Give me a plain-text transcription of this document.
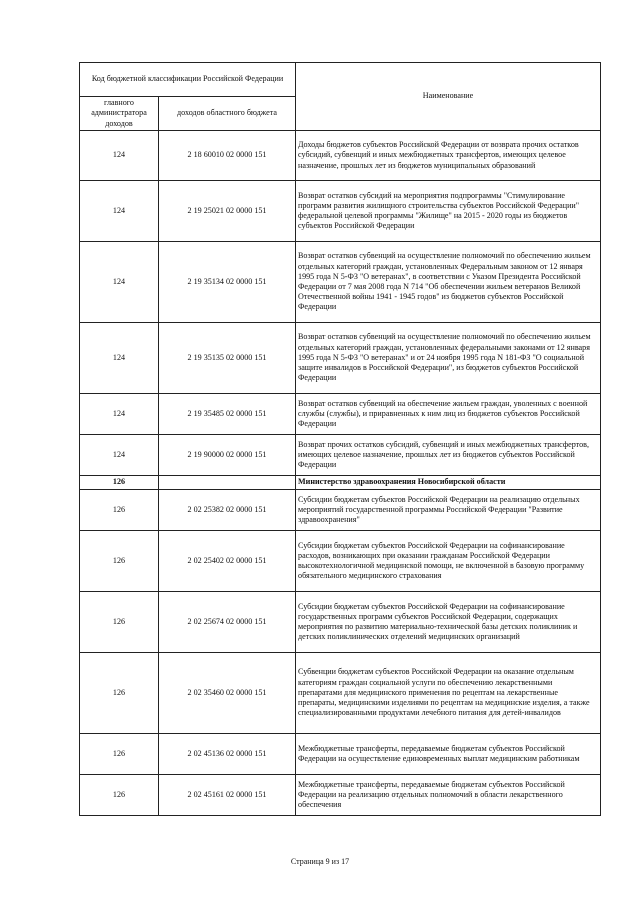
Код бюджетной классификации Российской Федерации		Наименование
главного администратора доходов	доходов областного бюджета	
124	2 18 60010 02 0000 151	Доходы бюджетов субъектов Российской Федерации от возврата прочих остатков субсидий, субвенций и иных межбюджетных трансфертов, имеющих целевое назначение, прошлых лет из бюджетов муниципальных образований
124	2 19 25021 02 0000 151	Возврат остатков субсидий на мероприятия подпрограммы "Стимулирование программ развития жилищного строительства субъектов Российской Федерации" федеральной целевой программы "Жилище" на 2015 - 2020 годы из бюджетов субъектов Российской Федерации
124	2 19 35134 02 0000 151	Возврат остатков субвенций на осуществление полномочий по обеспечению жильем отдельных категорий граждан, установленных Федеральным законом от 12 января 1995 года N 5-ФЗ "О ветеранах", в соответствии с Указом Президента Российской Федерации от 7 мая 2008 года N 714 "Об обеспечении жильем ветеранов Великой Отечественной войны 1941 - 1945 годов" из бюджетов субъектов Российской Федерации
124	2 19 35135 02 0000 151	Возврат остатков субвенций на осуществление полномочий по обеспечению жильем отдельных категорий граждан, установленных федеральными законами от 12 января 1995 года N 5-ФЗ "О ветеранах" и от 24 ноября 1995 года N 181-ФЗ "О социальной защите инвалидов в Российской Федерации", из бюджетов субъектов Российской Федерации
124	2 19 35485 02 0000 151	Возврат остатков субвенций на обеспечение жильем граждан, уволенных с военной службы (службы), и приравненных к ним лиц из бюджетов субъектов Российской Федерации
124	2 19 90000 02 0000 151	Возврат прочих остатков субсидий, субвенций и иных межбюджетных трансфертов, имеющих целевое назначение, прошлых лет из бюджетов субъектов Российской Федерации
126		Министерство здравоохранения Новосибирской области
126	2 02 25382 02 0000 151	Субсидии бюджетам субъектов Российской Федерации на реализацию отдельных мероприятий государственной программы Российской Федерации "Развитие здравоохранения"
126	2 02 25402 02 0000 151	Субсидии бюджетам субъектов Российской Федерации на софинансирование расходов, возникающих при оказании гражданам Российской Федерации высокотехнологичной медицинской помощи, не включенной в базовую программу обязательного медицинского страхования
126	2 02 25674 02 0000 151	Субсидии бюджетам субъектов Российской Федерации на софинансирование государственных программ субъектов Российской Федерации, содержащих мероприятия по развитию материально-технической базы детских поликлиник и детских поликлинических отделений медицинских организаций
126	2 02 35460 02 0000 151	Субвенции бюджетам субъектов Российской Федерации на оказание отдельным категориям граждан социальной услуги по обеспечению лекарственными препаратами для медицинского применения по рецептам на лекарственные препараты, медицинскими изделиями по рецептам на медицинские изделия, а также специализированными продуктами лечебного питания для детей-инвалидов
126	2 02 45136 02 0000 151	Межбюджетные трансферты, передаваемые бюджетам субъектов Российской Федерации на осуществление единовременных выплат медицинским работникам
126	2 02 45161 02 0000 151	Межбюджетные трансферты, передаваемые бюджетам субъектов Российской Федерации на реализацию отдельных полномочий в области лекарственного обеспечения
Страница 9 из 17
